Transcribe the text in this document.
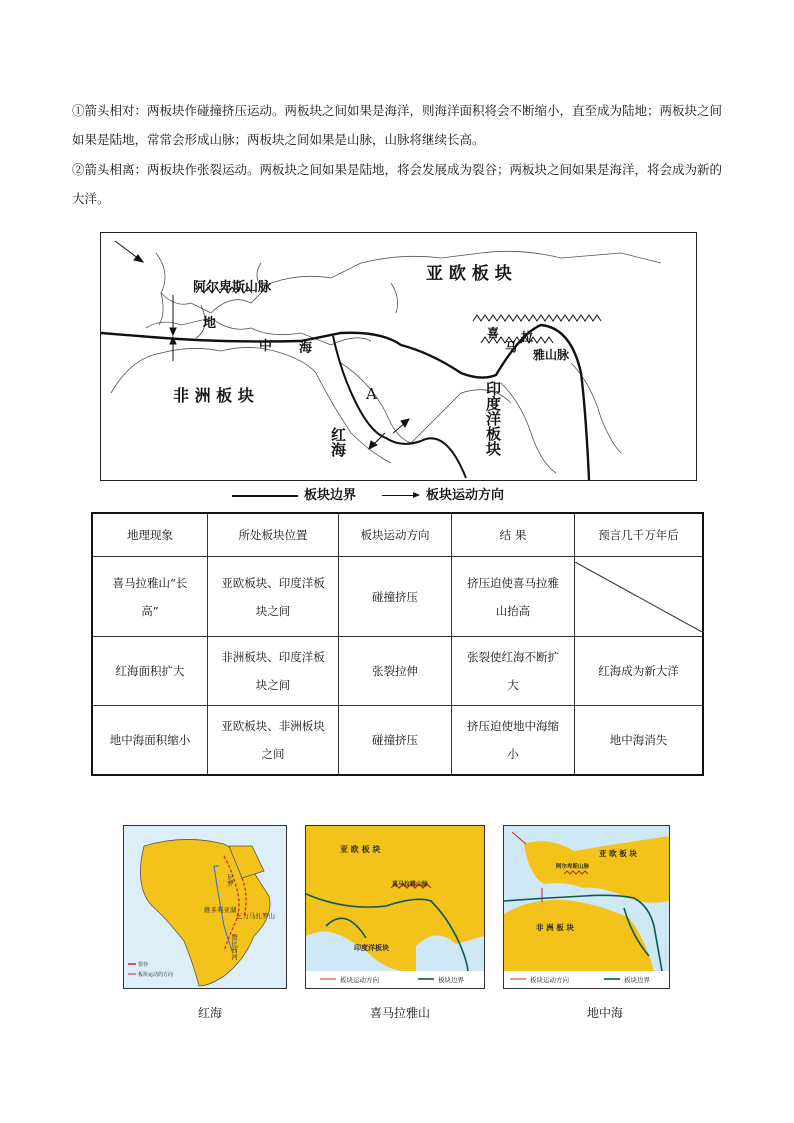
①箭头相对：两板块作碰撞挤压运动。两板块之间如果是海洋，则海洋面积将会不断缩小，直至成为陆地；两板块之间如果是陆地，常常会形成山脉；两板块之间如果是山脉，山脉将继续长高。
②箭头相离：两板块作张裂运动。两板块之间如果是陆地，将会发展成为裂谷；两板块之间如果是海洋，将会成为新的大洋。
亚 欧 板 块
阿尔卑斯山脉
地
中 海
非 洲 板 块
红海
A
喜
马
拉
雅山脉
印度洋板块
板块边界	板块运动方向
地理现象	所处板块位置	板块运动方向	结 果	预言几千万年后
喜马拉雅山“长高”	亚欧板块、印度洋板块之间	碰撞挤压	挤压迫使喜马拉雅山抬高	

红海面积扩大	非洲板块、印度洋板块之间	张裂拉伸	张裂使红海不断扩大	红海成为新大洋
地中海面积缩小	亚欧板块、非洲板块之间	碰撞挤压	挤压迫使地中海缩小	地中海消失
尼罗
乞力马扎罗山
维多利亚湖
赞比西河
裂谷
板块运动的方向
亚 欧 板 块
喜马拉雅山脉
印度洋板块
板块运动方向	板块边界
亚 欧 板 块
阿尔卑斯山脉
非 洲 板 块
板块运动方向	板块边界
红海	喜马拉雅山	地中海
